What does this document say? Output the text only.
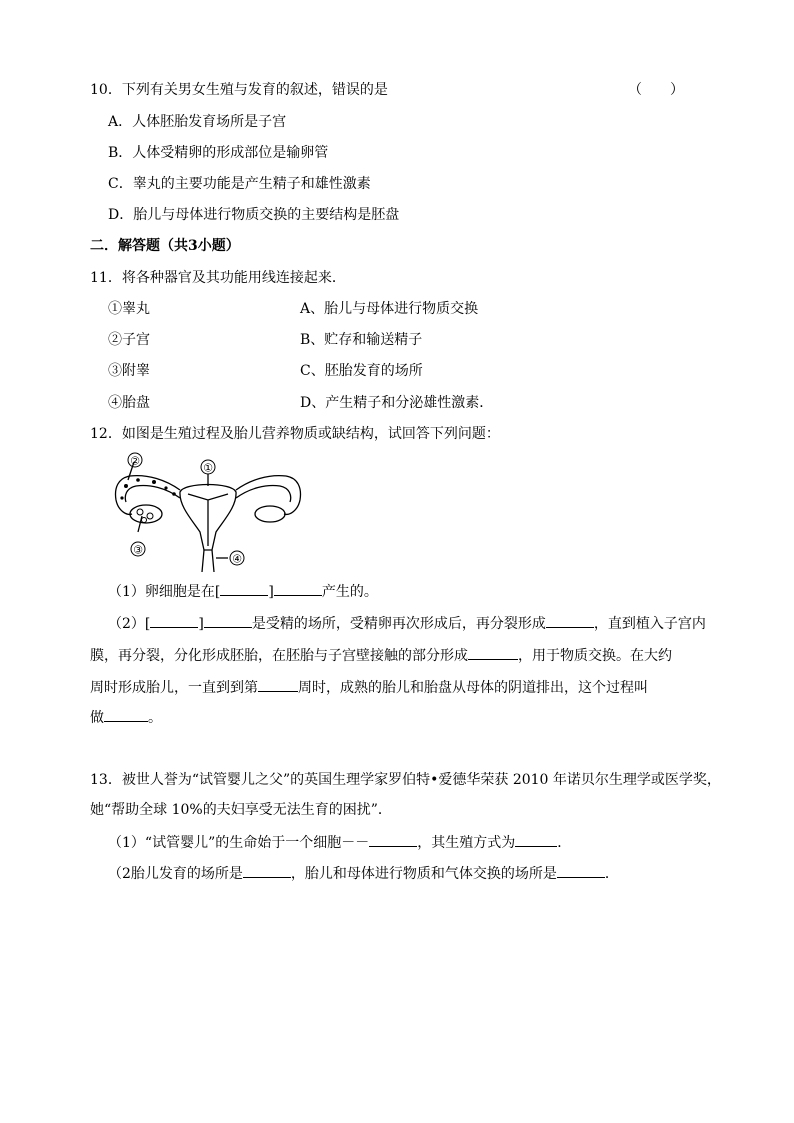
10．下列有关男女生殖与发育的叙述，错误的是	（　　）
A．人体胚胎发育场所是子宫
B．人体受精卵的形成部位是输卵管
C．睾丸的主要功能是产生精子和雄性激素
D．胎儿与母体进行物质交换的主要结构是胚盘
二．解答题（共3小题）
11．将各种器官及其功能用线连接起来．
①睾丸	A、胎儿与母体进行物质交换
②子宫	B、贮存和输送精子
③附睾	C、胚胎发育的场所
④胎盘	D、产生精子和分泌雄性激素．
12．如图是生殖过程及胎儿营养物质或缺结构，试回答下列问题：
①
②
③
④
（1）卵细胞是在[	]	产生的。
（2）[	]	是受精的场所，受精卵再次形成后，再分裂形成	，直到植入子宫内
膜，再分裂，分化形成胚胎，在胚胎与子宫壁接触的部分形成	，用于物质交换。在大约
周时形成胎儿，一直到到第	周时，成熟的胎儿和胎盘从母体的阴道排出，这个过程叫
做	。
13．被世人誉为“试管婴儿之父”的英国生理学家罗伯特•爱德华荣获 2010 年诺贝尔生理学或医学奖，
她“帮助全球 10%的夫妇享受无法生育的困扰”．
（1）“试管婴儿”的生命始于一个细胞－－	，其生殖方式为	．
（2胎儿发育的场所是	，胎儿和母体进行物质和气体交换的场所是	．
